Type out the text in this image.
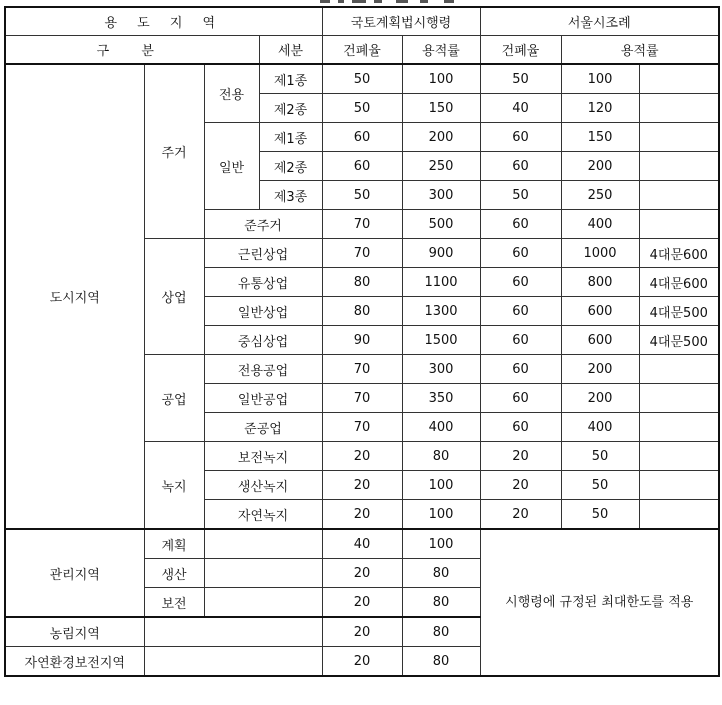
용 도 지 역				국토계획법시행령		서울시조례		
구 분			세분	건폐율	용적률	건폐율	용적률	
도시지역	주거	전용	제1종	50	100	50	100	
			제2종	50	150	40	120	
		일반	제1종	60	200	60	150	
			제2종	60	250	60	200	
			제3종	50	300	50	250	
		준주거		70	500	60	400	
	상업	근린상업		70	900	60	1000	4대문600
		유통상업		80	1100	60	800	4대문600
		일반상업		80	1300	60	600	4대문500
		중심상업		90	1500	60	600	4대문500
	공업	전용공업		70	300	60	200	
		일반공업		70	350	60	200	
		준공업		70	400	60	400	
	녹지	보전녹지		20	80	20	50	
		생산녹지		20	100	20	50	
		자연녹지		20	100	20	50	
관리지역	계획			40	100	시행령에 규정된 최대한도를 적용		
	생산			20	80			
	보전			20	80			
농림지역				20	80			
자연환경보전지역				20	80			
